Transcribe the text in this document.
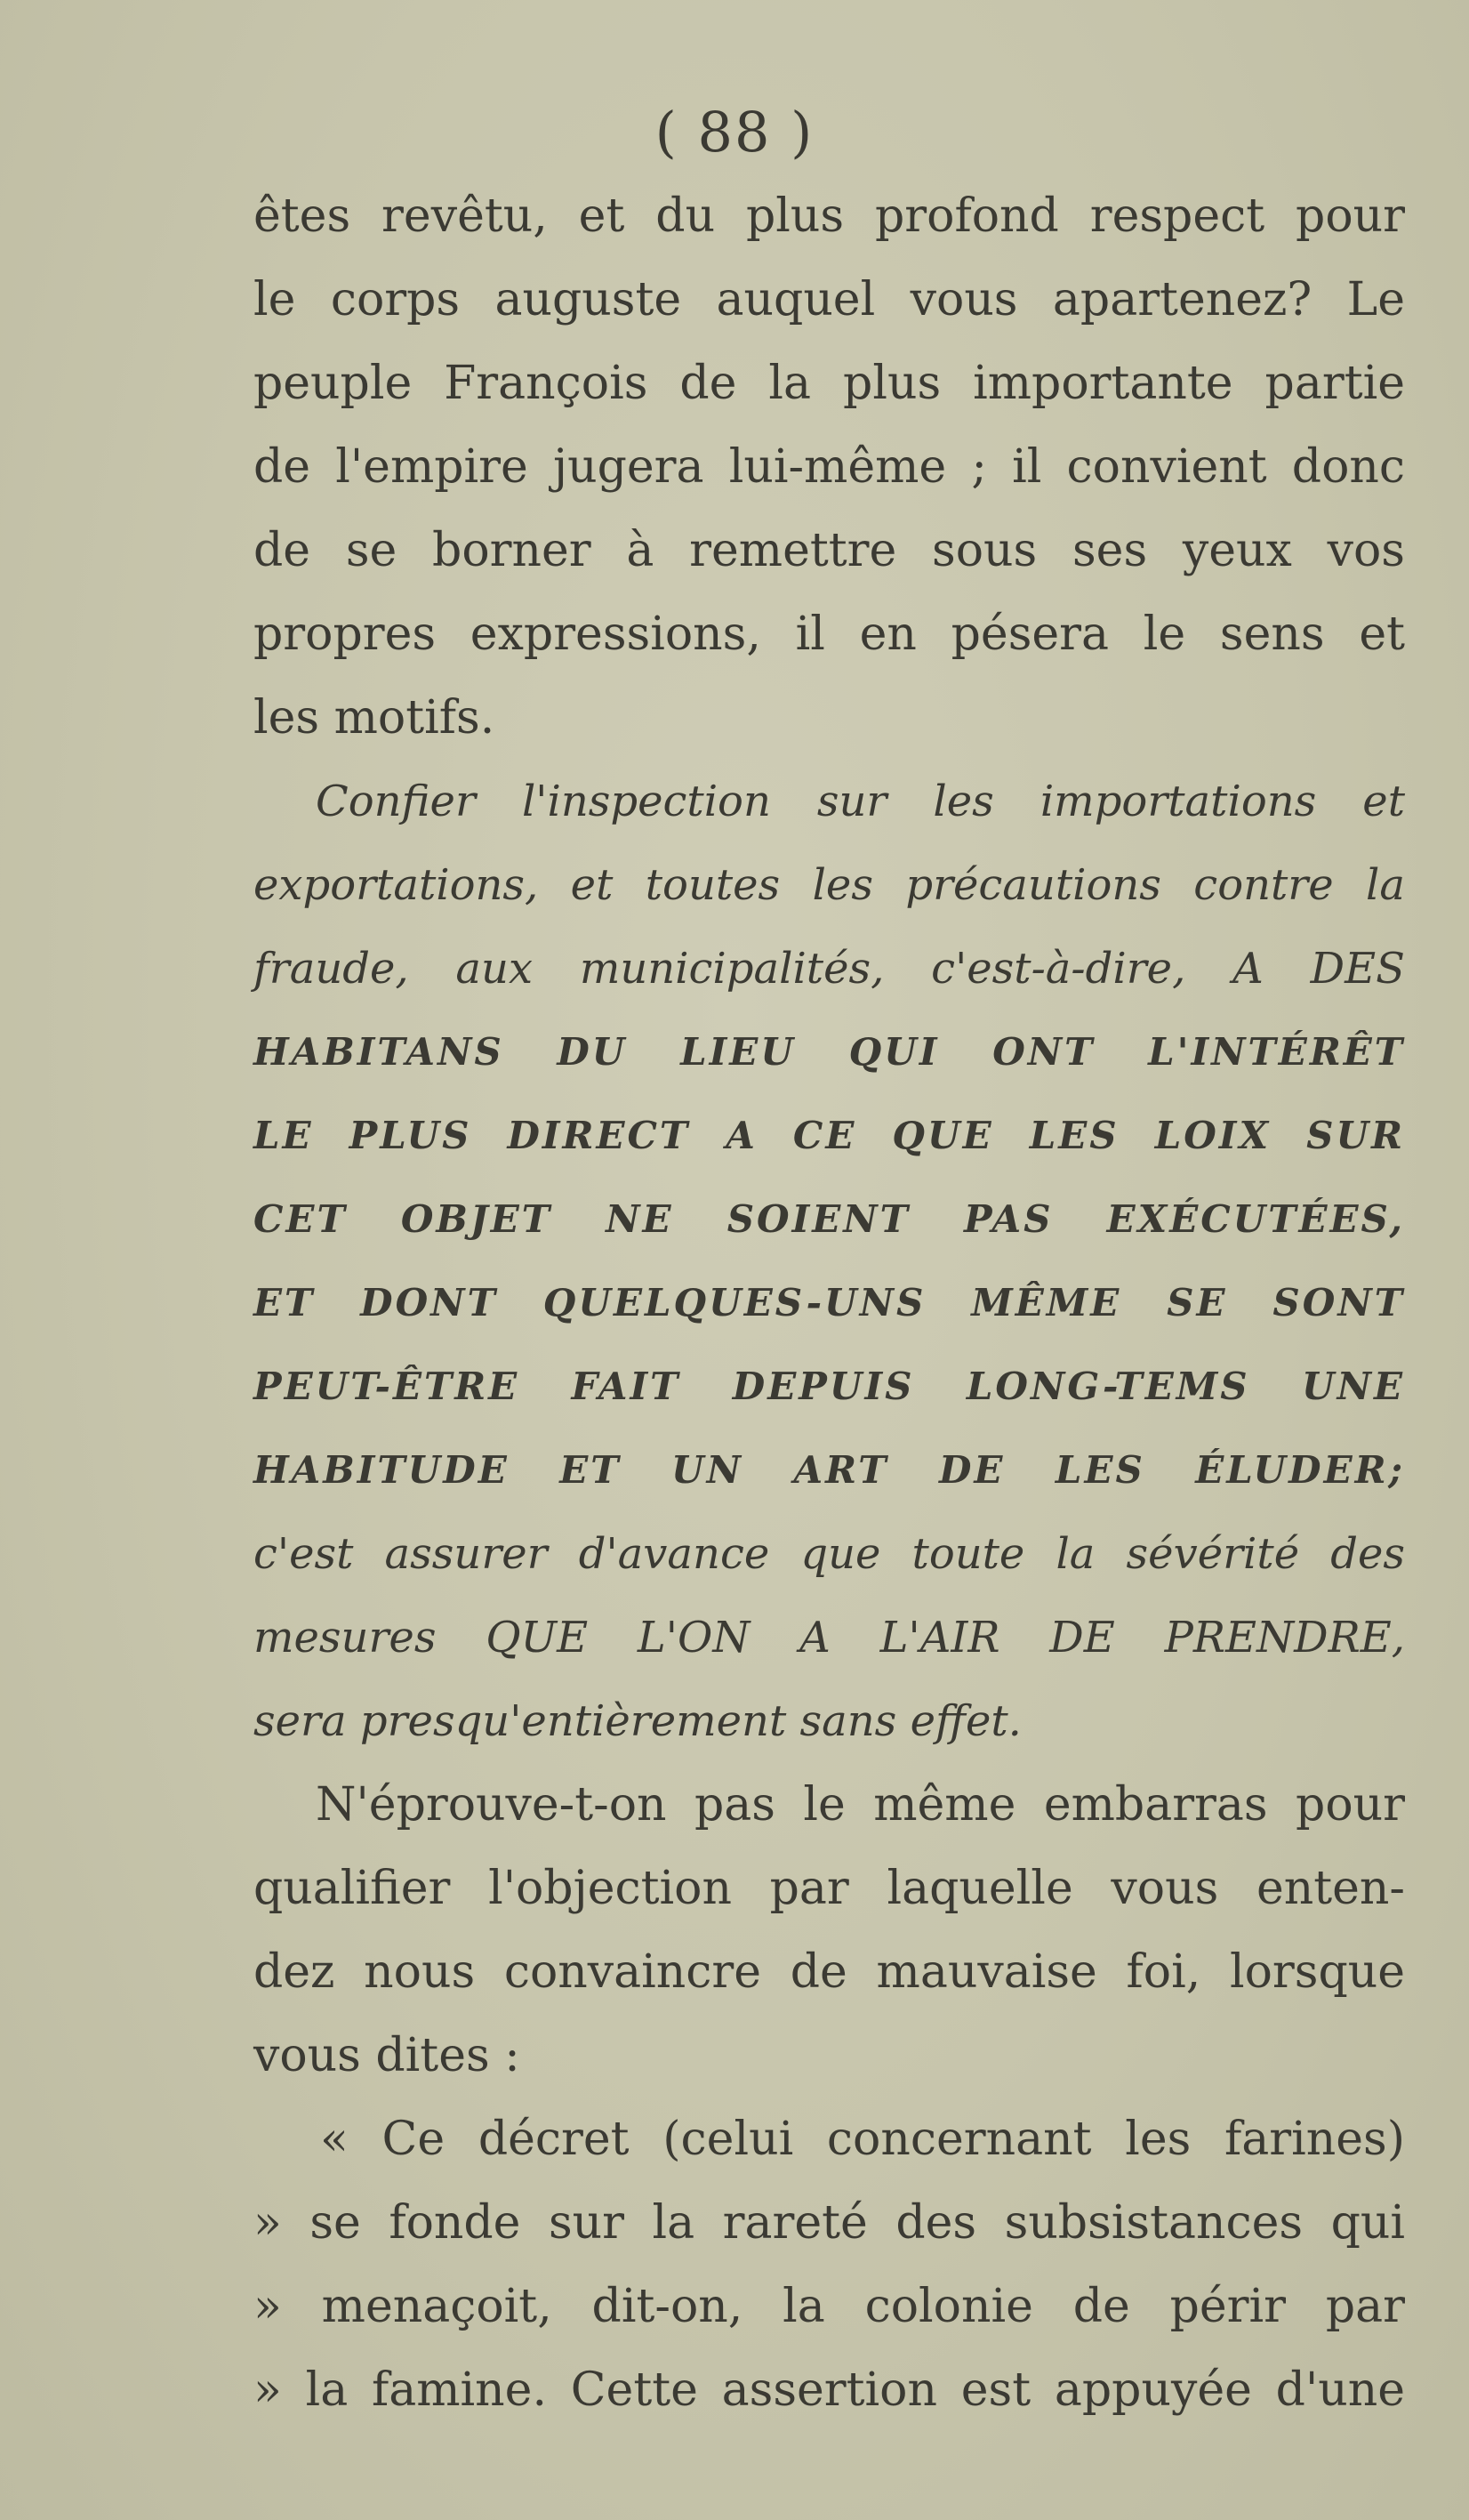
( 88 )
êtes revêtu, et du plus profond respect pour
le corps auguste auquel vous apartenez? Le
peuple François de la plus importante partie
de l'empire jugera lui-même ; il convient donc
de se borner à remettre sous ses yeux vos
propres expressions, il en pésera le sens et
les motifs.
Confier l'inspection sur les importations et
exportations, et toutes les précautions contre la
fraude, aux municipalités, c'est-à-dire, A DES
HABITANS DU LIEU QUI ONT L'INTÉRÊT
LE PLUS DIRECT A CE QUE LES LOIX SUR
CET OBJET NE SOIENT PAS EXÉCUTÉES,
ET DONT QUELQUES-UNS MÊME SE SONT
PEUT-ÊTRE FAIT DEPUIS LONG-TEMS UNE
HABITUDE ET UN ART DE LES ÉLUDER;
c'est assurer d'avance que toute la sévérité des
mesures QUE L'ON A L'AIR DE PRENDRE,
sera presqu'entièrement sans effet.
N'éprouve-t-on pas le même embarras pour
qualifier l'objection par laquelle vous enten-
dez nous convaincre de mauvaise foi, lorsque
vous dites :
« Ce décret (celui concernant les farines)
» se fonde sur la rareté des subsistances qui
» menaçoit, dit-on, la colonie de périr par
» la famine. Cette assertion est appuyée d'une
